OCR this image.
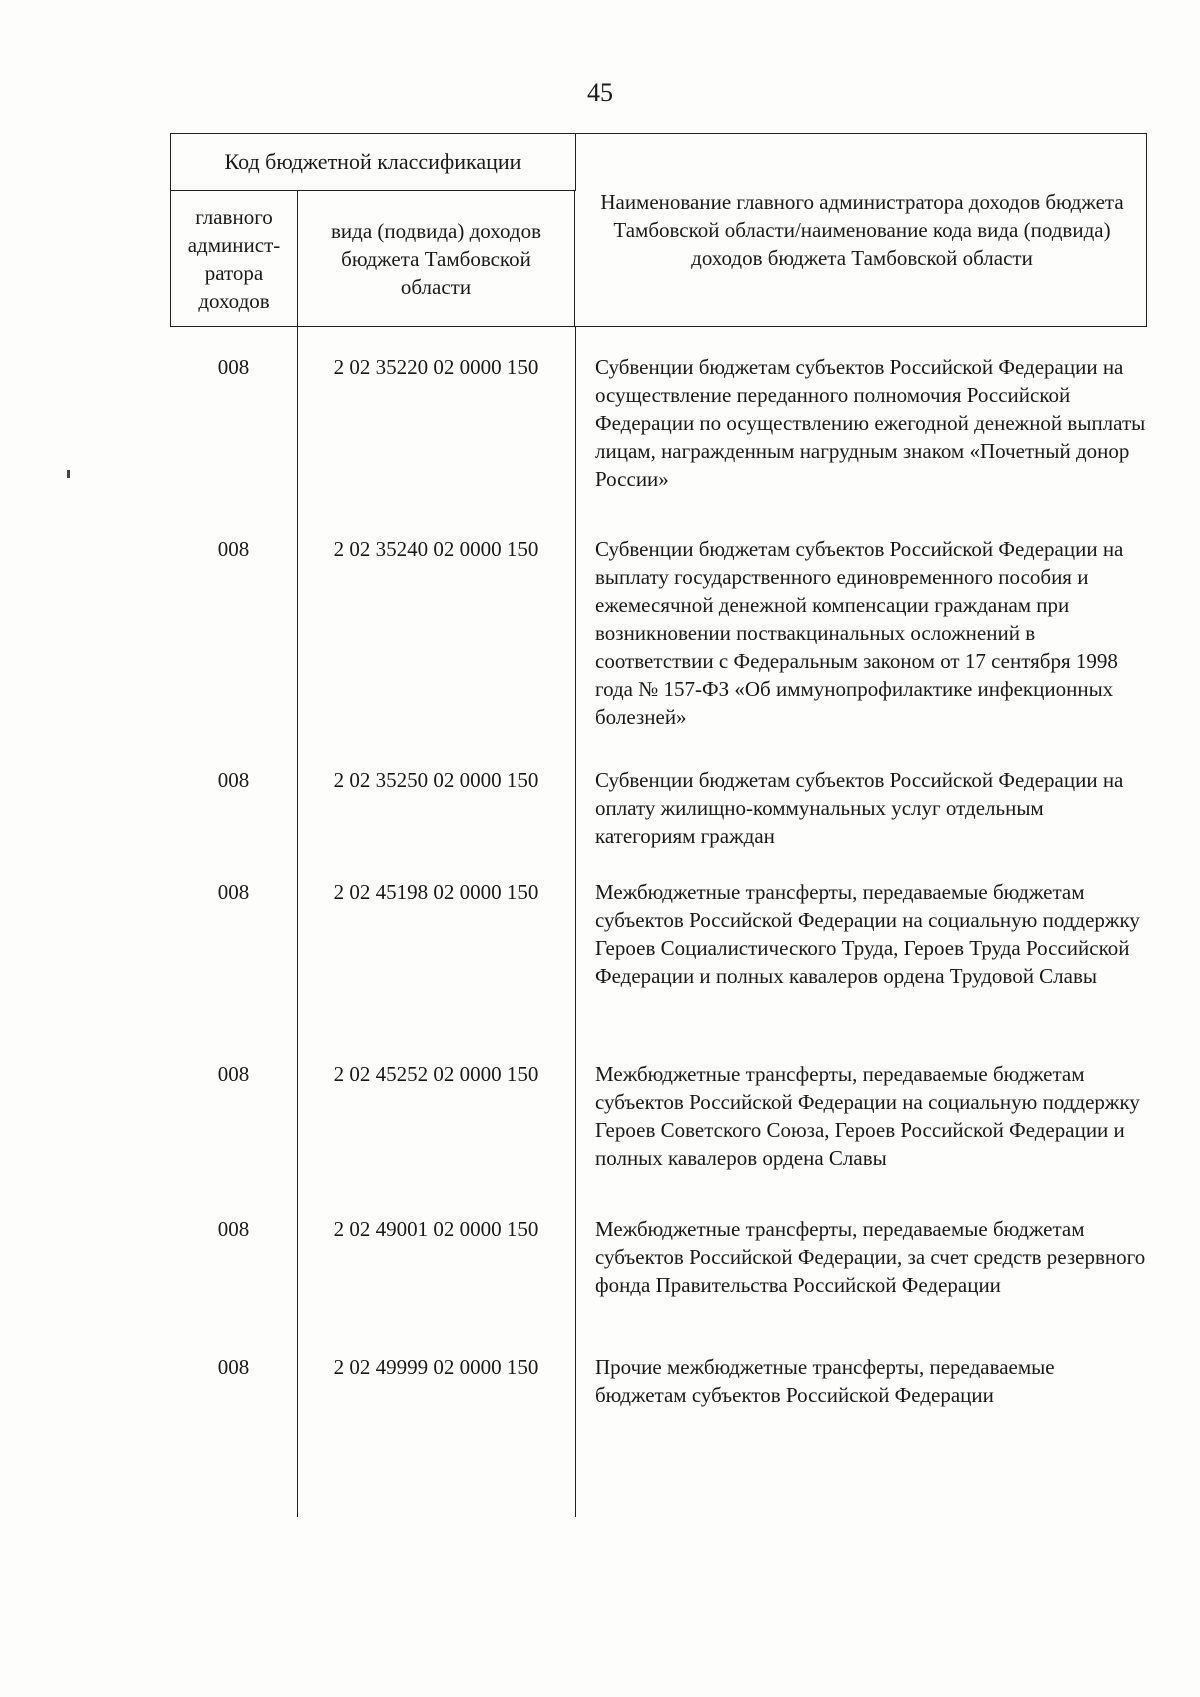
45
Код бюджетной классификации
главного админист-ратора доходов
вида (подвида) доходов бюджета Тамбовской области
Наименование главного администратора доходов бюджета Тамбовской области/наименование кода вида (подвида) доходов бюджета Тамбовской области
008	2 02 35220 02 0000 150	Субвенции бюджетам субъектов Российской Федерации на осуществление переданного полномочия Российской Федерации по осуществлению ежегодной денежной выплаты лицам, награжденным нагрудным знаком «Почетный донор России»
008	2 02 35240 02 0000 150	Субвенции бюджетам субъектов Российской Федерации на выплату государственного единовременного пособия и ежемесячной денежной компенсации гражданам при возникновении поствакцинальных осложнений в соответствии с Федеральным законом от 17 сентября 1998 года № 157-ФЗ «Об иммунопрофилактике инфекционных болезней»
008	2 02 35250 02 0000 150	Субвенции бюджетам субъектов Российской Федерации на оплату жилищно-коммунальных услуг отдельным категориям граждан
008	2 02 45198 02 0000 150	Межбюджетные трансферты, передаваемые бюджетам субъектов Российской Федерации на социальную поддержку Героев Социалистического Труда, Героев Труда Российской Федерации и полных кавалеров ордена Трудовой Славы
008	2 02 45252 02 0000 150	Межбюджетные трансферты, передаваемые бюджетам субъектов Российской Федерации на социальную поддержку Героев Советского Союза, Героев Российской Федерации и полных кавалеров ордена Славы
008	2 02 49001 02 0000 150	Межбюджетные трансферты, передаваемые бюджетам субъектов Российской Федерации, за счет средств резервного фонда Правительства Российской Федерации
008	2 02 49999 02 0000 150	Прочие межбюджетные трансферты, передаваемые бюджетам субъектов Российской Федерации
